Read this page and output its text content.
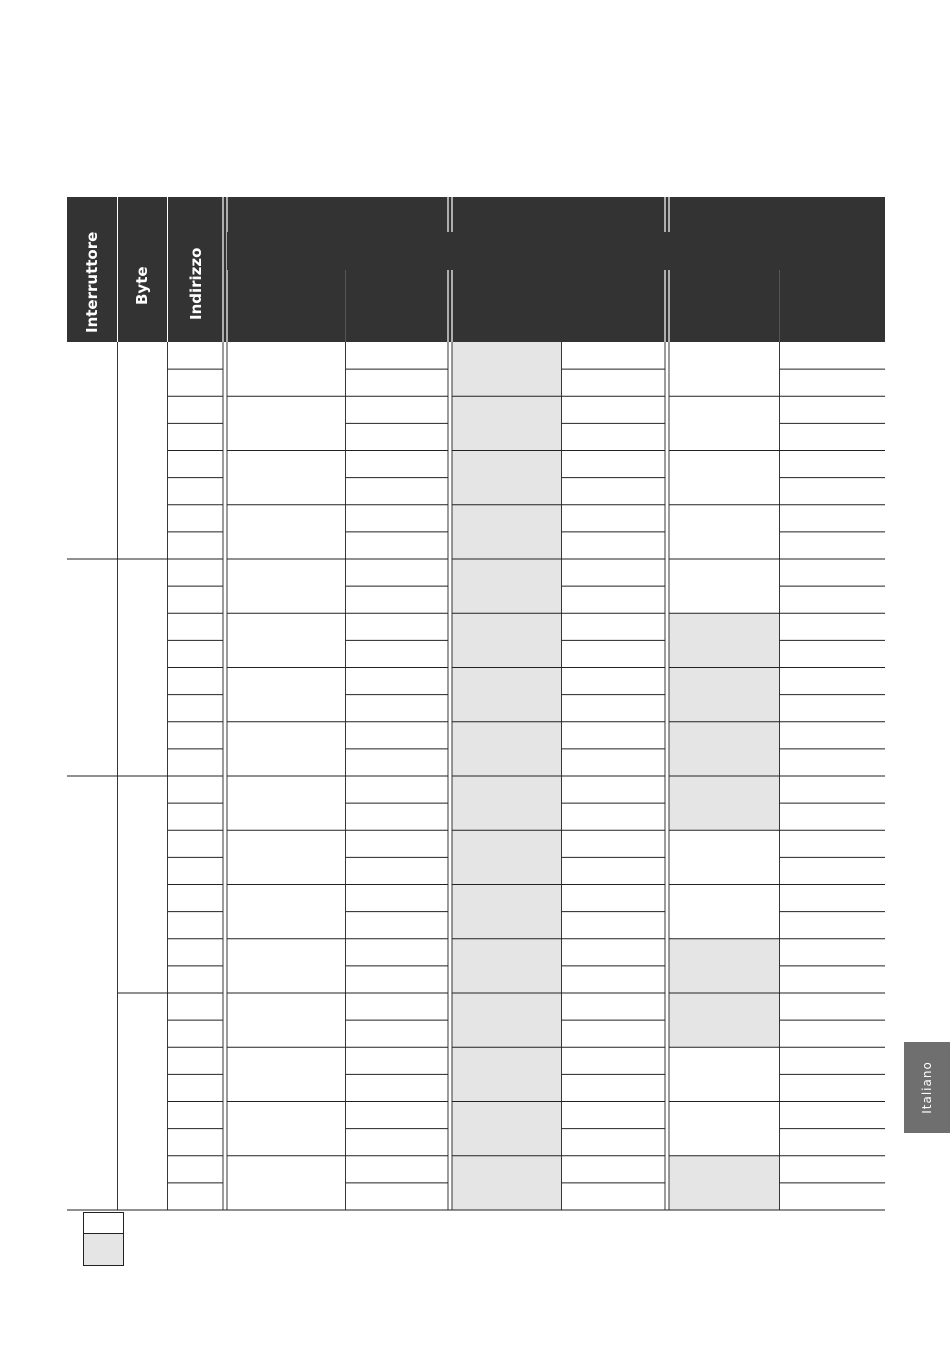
Interruttore Byte Indirizzo
Italiano
